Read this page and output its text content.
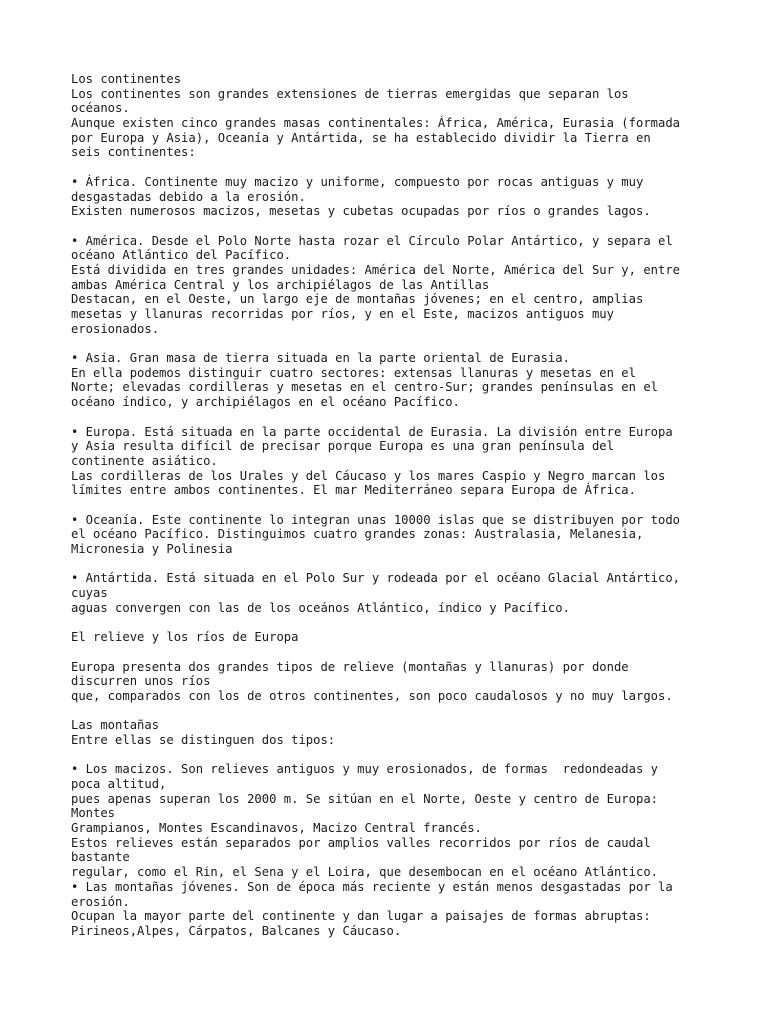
Los continentes
Los continentes son grandes extensiones de tierras emergidas que separan los
océanos.
Aunque existen cinco grandes masas continentales: África, América, Eurasia (formada
por Europa y Asia), Oceanía y Antártida, se ha establecido dividir la Tierra en
seis continentes:
• África. Continente muy macizo y uniforme, compuesto por rocas antiguas y muy
desgastadas debido a la erosión.
Existen numerosos macizos, mesetas y cubetas ocupadas por ríos o grandes lagos.
• América. Desde el Polo Norte hasta rozar el Círculo Polar Antártico, y separa el
océano Atlántico del Pacífico.
Está dividida en tres grandes unidades: América del Norte, América del Sur y, entre
ambas América Central y los archipiélagos de las Antillas
Destacan, en el Oeste, un largo eje de montañas jóvenes; en el centro, amplias
mesetas y llanuras recorridas por ríos, y en el Este, macizos antiguos muy
erosionados.
• Asia. Gran masa de tierra situada en la parte oriental de Eurasia.
En ella podemos distinguir cuatro sectores: extensas llanuras y mesetas en el
Norte; elevadas cordilleras y mesetas en el centro-Sur; grandes penínsulas en el
océano índico, y archipiélagos en el océano Pacífico.
• Europa. Está situada en la parte occidental de Eurasia. La división entre Europa
y Asia resulta difícil de precisar porque Europa es una gran península del
continente asiático.
Las cordilleras de los Urales y del Cáucaso y los mares Caspio y Negro marcan los
límites entre ambos continentes. El mar Mediterráneo separa Europa de África.
• Oceanía. Este continente lo integran unas 10000 islas que se distribuyen por todo
el océano Pacífico. Distinguimos cuatro grandes zonas: Australasia, Melanesia,
Micronesia y Polinesia
• Antártida. Está situada en el Polo Sur y rodeada por el océano Glacial Antártico,
cuyas
aguas convergen con las de los oceános Atlántico, índico y Pacífico.
El relieve y los ríos de Europa
Europa presenta dos grandes tipos de relieve (montañas y llanuras) por donde
discurren unos ríos
que, comparados con los de otros continentes, son poco caudalosos y no muy largos.
Las montañas
Entre ellas se distinguen dos tipos:
• Los macizos. Son relieves antiguos y muy erosionados, de formas  redondeadas y
poca altitud,
pues apenas superan los 2000 m. Se sitúan en el Norte, Oeste y centro de Europa:
Montes
Grampianos, Montes Escandinavos, Macizo Central francés.
Estos relieves están separados por amplios valles recorridos por ríos de caudal
bastante
regular, como el Rin, el Sena y el Loira, que desembocan en el océano Atlántico.
• Las montañas jóvenes. Son de época más reciente y están menos desgastadas por la
erosión.
Ocupan la mayor parte del continente y dan lugar a paisajes de formas abruptas:
Pirineos,Alpes, Cárpatos, Balcanes y Cáucaso.
